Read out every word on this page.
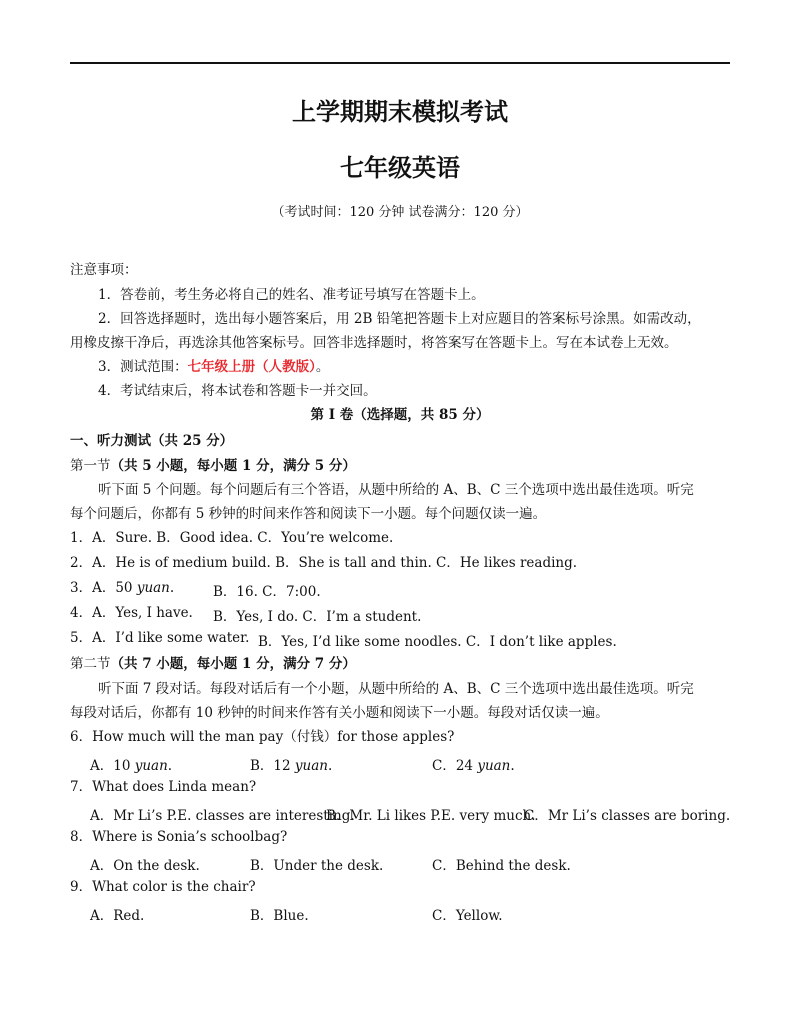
上学期期末模拟考试
七年级英语
（考试时间：120 分钟 试卷满分：120 分）
注意事项：
1．答卷前，考生务必将自己的姓名、准考证号填写在答题卡上。
2．回答选择题时，选出每小题答案后，用 2B 铅笔把答题卡上对应题目的答案标号涂黑。如需改动，
用橡皮擦干净后，再选涂其他答案标号。回答非选择题时，将答案写在答题卡上。写在本试卷上无效。
3．测试范围：七年级上册（人教版）。
4．考试结束后，将本试卷和答题卡一并交回。
第 I 卷（选择题，共 85 分）
一、听力测试（共 25 分）
第一节（共 5 小题，每小题 1 分，满分 5 分）
听下面 5 个问题。每个问题后有三个答语，从题中所给的 A、B、C 三个选项中选出最佳选项。听完
每个问题后，你都有 5 秒钟的时间来作答和阅读下一小题。每个问题仅读一遍。
1．A．Sure. B．Good idea. C．You’re welcome.
2．A．He is of medium build. B．She is tall and thin. C．He likes reading.
3．A．50 yuan.	B．16. C．7:00.
4．A．Yes, I have. B．Yes, I do. C．I’m a student.
5．A．I’d like some water. B．Yes, I’d like some noodles. C．I don’t like apples.
第二节（共 7 小题，每小题 1 分，满分 7 分）
听下面 7 段对话。每段对话后有一个小题，从题中所给的 A、B、C 三个选项中选出最佳选项。听完
每段对话后，你都有 10 秒钟的时间来作答有关小题和阅读下一小题。每段对话仅读一遍。
6．How much will the man pay（付钱）for those apples?
A．10 yuan.	B．12 yuan.	C．24 yuan.
7．What does Linda mean?
A．Mr Li’s P.E. classes are interesting.
B．Mr. Li likes P.E. very much.
C．Mr Li’s classes are boring.
8．Where is Sonia’s schoolbag?
A．On the desk.	B．Under the desk.	C．Behind the desk.
9．What color is the chair?
A．Red.	B．Blue.	C．Yellow.
